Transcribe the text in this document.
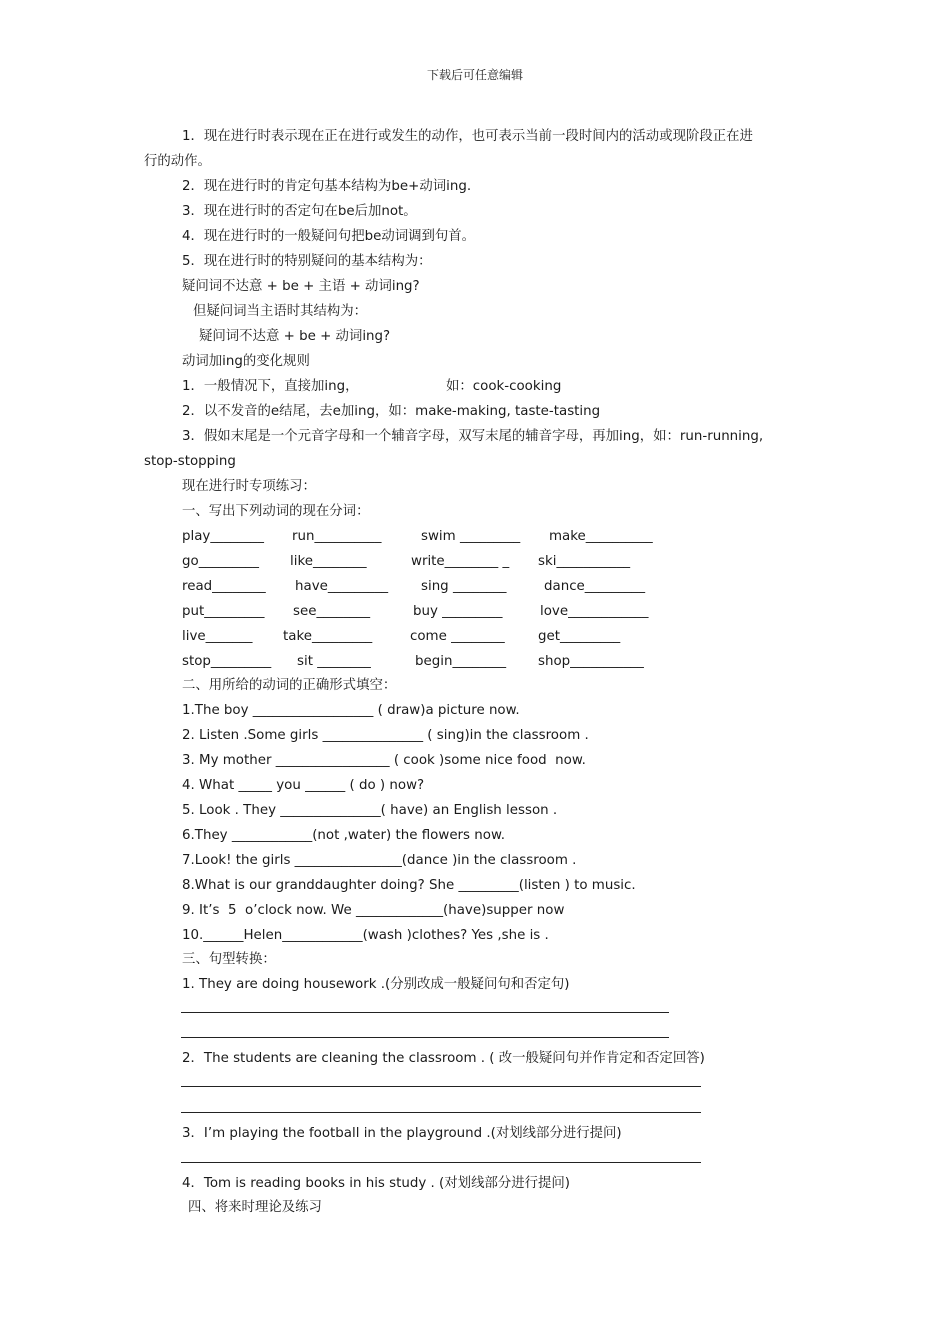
下载后可任意编辑
1．现在进行时表示现在正在进行或发生的动作，也可表示当前一段时间内的活动或现阶段正在进
行的动作。
2．现在进行时的肯定句基本结构为be+动词ing.
3．现在进行时的否定句在be后加not。
4．现在进行时的一般疑问句把be动词调到句首。
5．现在进行时的特别疑问的基本结构为：
疑问词不达意 + be + 主语 + 动词ing?
但疑问词当主语时其结构为：
疑问词不达意 + be + 动词ing?
动词加ing的变化规则
1．一般情况下，直接加ing，	如：cook-cooking
2．以不发音的e结尾，去e加ing，如：make-making, taste-tasting
3．假如末尾是一个元音字母和一个辅音字母，双写末尾的辅音字母，再加ing，如：run-running,
stop-stopping
现在进行时专项练习：
一、写出下列动词的现在分词：
play________ run__________	swim _________ make__________
go_________ like________	write________ _ ski___________
read________ have_________ sing ________	dance_________
put_________ see________	buy _________	love____________
live_______ take_________	come ________ get_________
stop_________ sit ________	begin________ shop___________
二、用所给的动词的正确形式填空：
1.The boy __________________ ( draw)a picture now.
2. Listen .Some girls _______________ ( sing)in the classroom .
3. My mother _________________ ( cook )some nice food  now.
4. What _____ you ______ ( do ) now?
5. Look . They _______________( have) an English lesson .
6.They ____________(not ,water) the flowers now.
7.Look! the girls ________________(dance )in the classroom .
8.What is our granddaughter doing? She _________(listen ) to music.
9. It’s  5  o’clock now. We _____________(have)supper now
10.______Helen____________(wash )clothes? Yes ,she is .
三、句型转换：
1. They are doing housework .(分别改成一般疑问句和否定句)
2．The students are cleaning the classroom . ( 改一般疑问句并作肯定和否定回答)
3．I’m playing the football in the playground .(对划线部分进行提问)
4．Tom is reading books in his study . (对划线部分进行提问)
四、将来时理论及练习
